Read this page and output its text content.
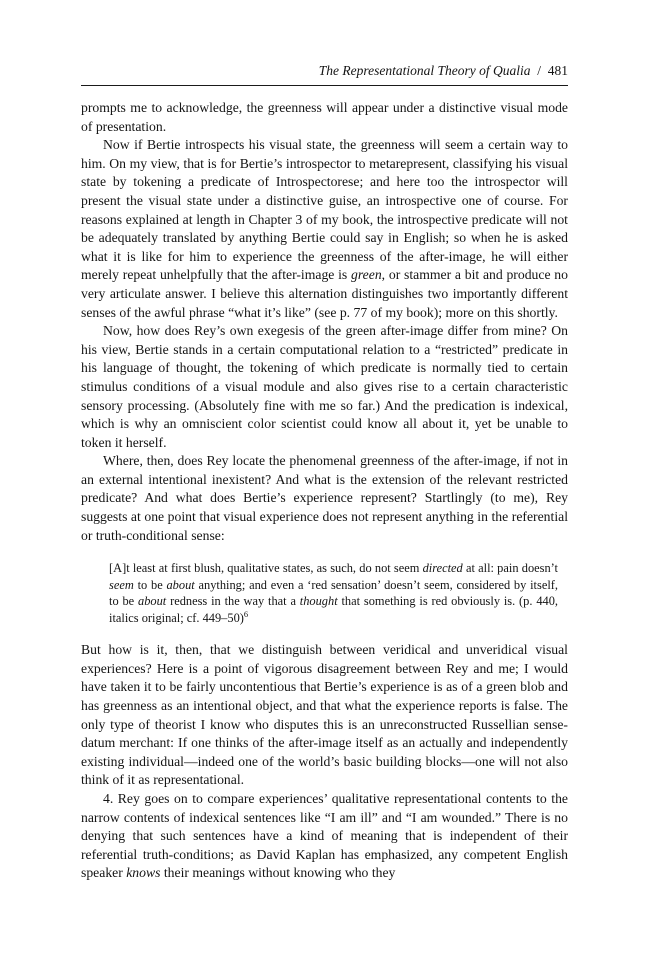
The Representational Theory of Qualia  /  481

prompts me to acknowledge, the greenness will appear under a distinctive visual mode of presentation.

Now if Bertie introspects his visual state, the greenness will seem a certain way to him. On my view, that is for Bertie’s introspector to metarepresent, classifying his visual state by tokening a predicate of Introspectorese; and here too the introspector will present the visual state under a distinctive guise, an introspective one of course. For reasons explained at length in Chapter 3 of my book, the introspective predicate will not be adequately translated by anything Bertie could say in English; so when he is asked what it is like for him to experience the greenness of the after-image, he will either merely repeat unhelpfully that the after-image is green, or stammer a bit and produce no very articulate answer. I believe this alternation distinguishes two importantly different senses of the awful phrase “what it’s like” (see p. 77 of my book); more on this shortly.

Now, how does Rey’s own exegesis of the green after-image differ from mine? On his view, Bertie stands in a certain computational relation to a “restricted” predicate in his language of thought, the tokening of which predicate is normally tied to certain stimulus conditions of a visual module and also gives rise to a certain characteristic sensory processing. (Absolutely fine with me so far.) And the predication is indexical, which is why an omniscient color scientist could know all about it, yet be unable to token it herself.

Where, then, does Rey locate the phenomenal greenness of the after-image, if not in an external intentional inexistent? And what is the extension of the relevant restricted predicate? And what does Bertie’s experience represent? Startlingly (to me), Rey suggests at one point that visual experience does not represent anything in the referential or truth-conditional sense:

[A]t least at first blush, qualitative states, as such, do not seem directed at all: pain doesn’t seem to be about anything; and even a ‘red sensation’ doesn’t seem, considered by itself, to be about redness in the way that a thought that something is red obviously is. (p. 440, italics original; cf. 449–50)$^6$

But how is it, then, that we distinguish between veridical and unveridical visual experiences? Here is a point of vigorous disagreement between Rey and me; I would have taken it to be fairly uncontentious that Bertie’s experience is as of a green blob and has greenness as an intentional object, and that what the experience reports is false. The only type of theorist I know who disputes this is an unreconstructed Russellian sense-datum merchant: If one thinks of the after-image itself as an actually and independently existing individual—indeed one of the world’s basic building blocks—one will not also think of it as representational.

4. Rey goes on to compare experiences’ qualitative representational contents to the narrow contents of indexical sentences like “I am ill” and “I am wounded.” There is no denying that such sentences have a kind of meaning that is independent of their referential truth-conditions; as David Kaplan has emphasized, any competent English speaker knows their meanings without knowing who they
